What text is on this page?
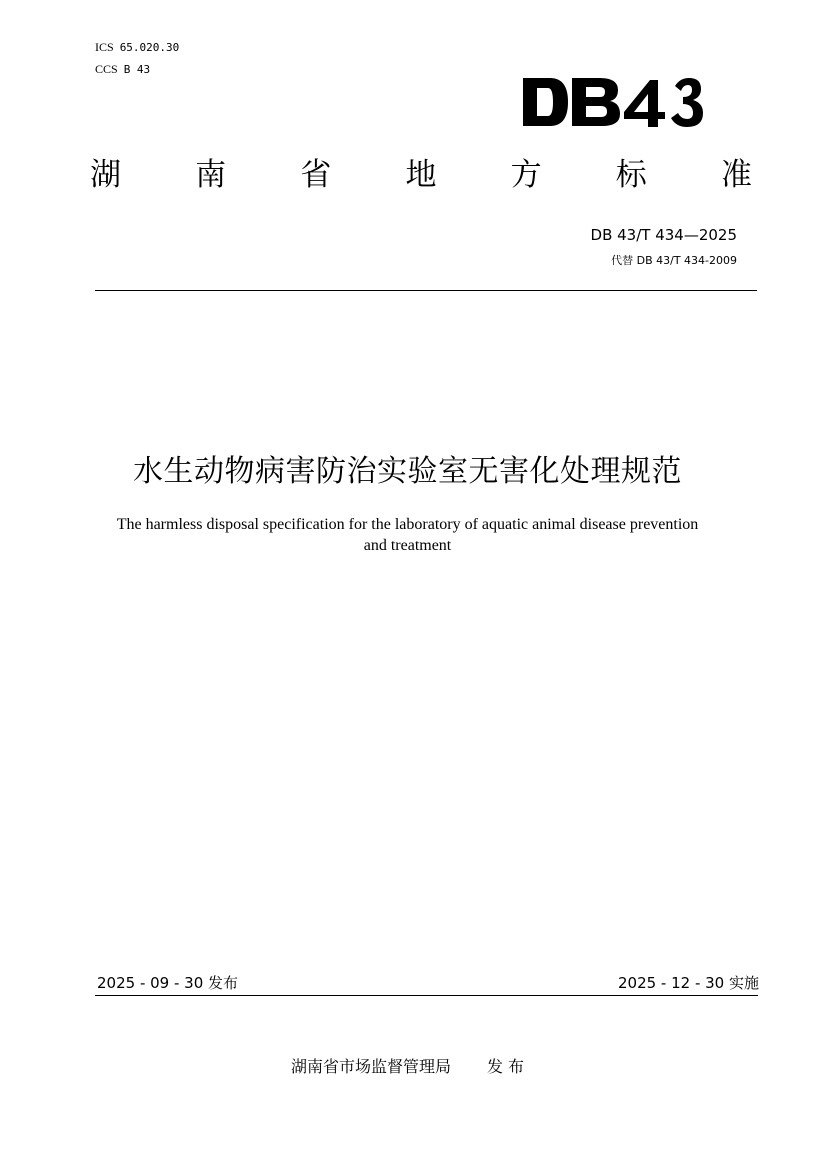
ICS 65.020.30
CCS B 43
湖 南 省 地 方 标 准
DB 43/T 434—2025
代替 DB 43/T 434-2009
水生动物病害防治实验室无害化处理规范
The harmless disposal specification for the laboratory of aquatic animal disease prevention and treatment
2025 - 09 - 30 发布	2025 - 12 - 30 实施
湖南省市场监督管理局 发 布
